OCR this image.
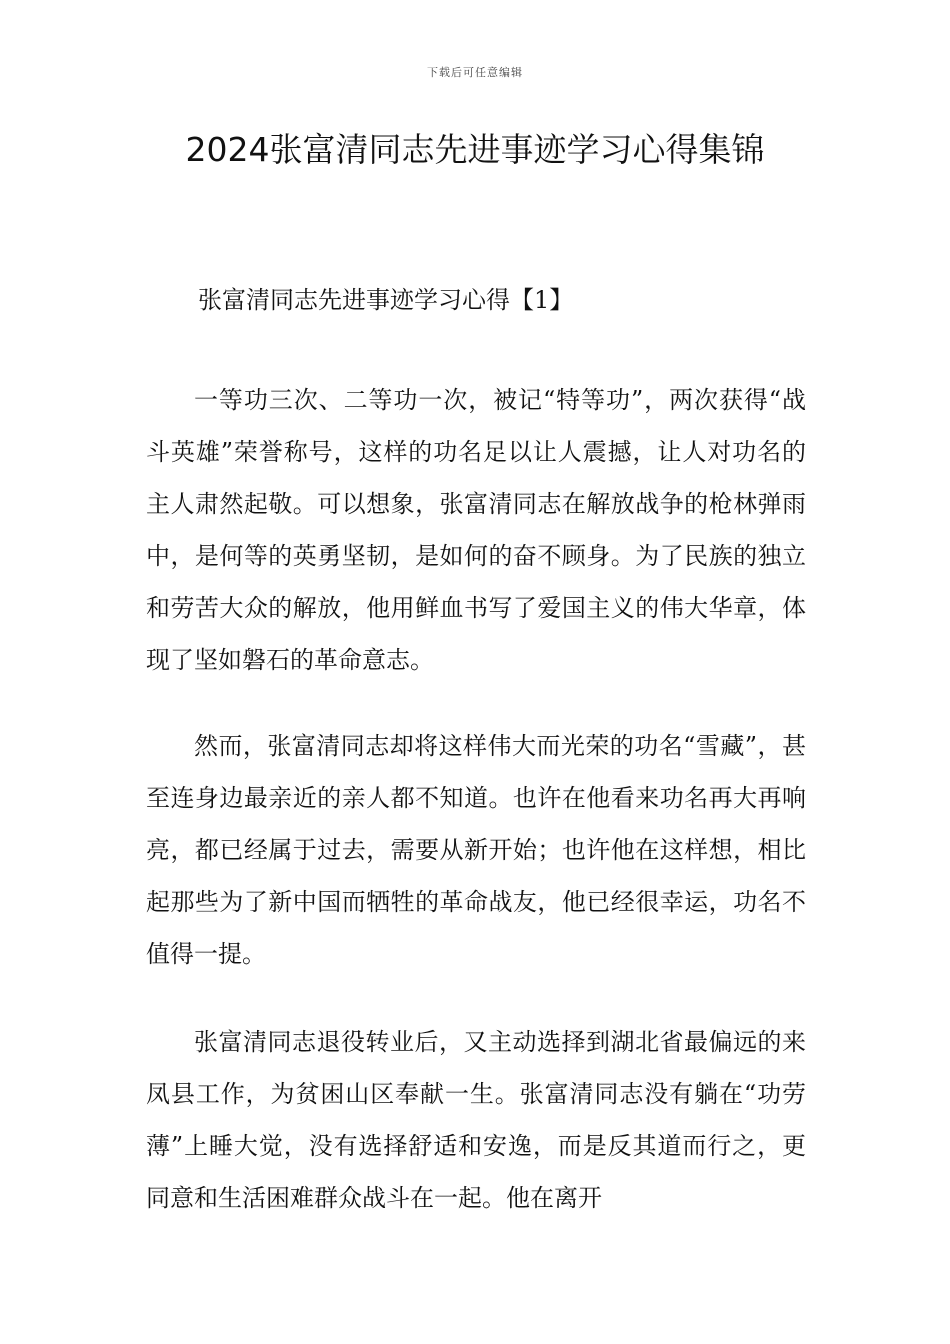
下载后可任意编辑
2024张富清同志先进事迹学习心得集锦
张富清同志先进事迹学习心得【1】

一等功三次、二等功一次，被记“特等功”，两次获得“战斗英雄”荣誉称号，这样的功名足以让人震撼，让人对功名的主人肃然起敬。可以想象，张富清同志在解放战争的枪林弹雨中，是何等的英勇坚韧，是如何的奋不顾身。为了民族的独立和劳苦大众的解放，他用鲜血书写了爱国主义的伟大华章，体现了坚如磐石的革命意志。

然而，张富清同志却将这样伟大而光荣的功名“雪藏”，甚至连身边最亲近的亲人都不知道。也许在他看来功名再大再响亮，都已经属于过去，需要从新开始；也许他在这样想，相比起那些为了新中国而牺牲的革命战友，他已经很幸运，功名不值得一提。

张富清同志退役转业后，又主动选择到湖北省最偏远的来凤县工作，为贫困山区奉献一生。张富清同志没有躺在“功劳薄”上睡大觉，没有选择舒适和安逸，而是反其道而行之，更同意和生活困难群众战斗在一起。他在离开
